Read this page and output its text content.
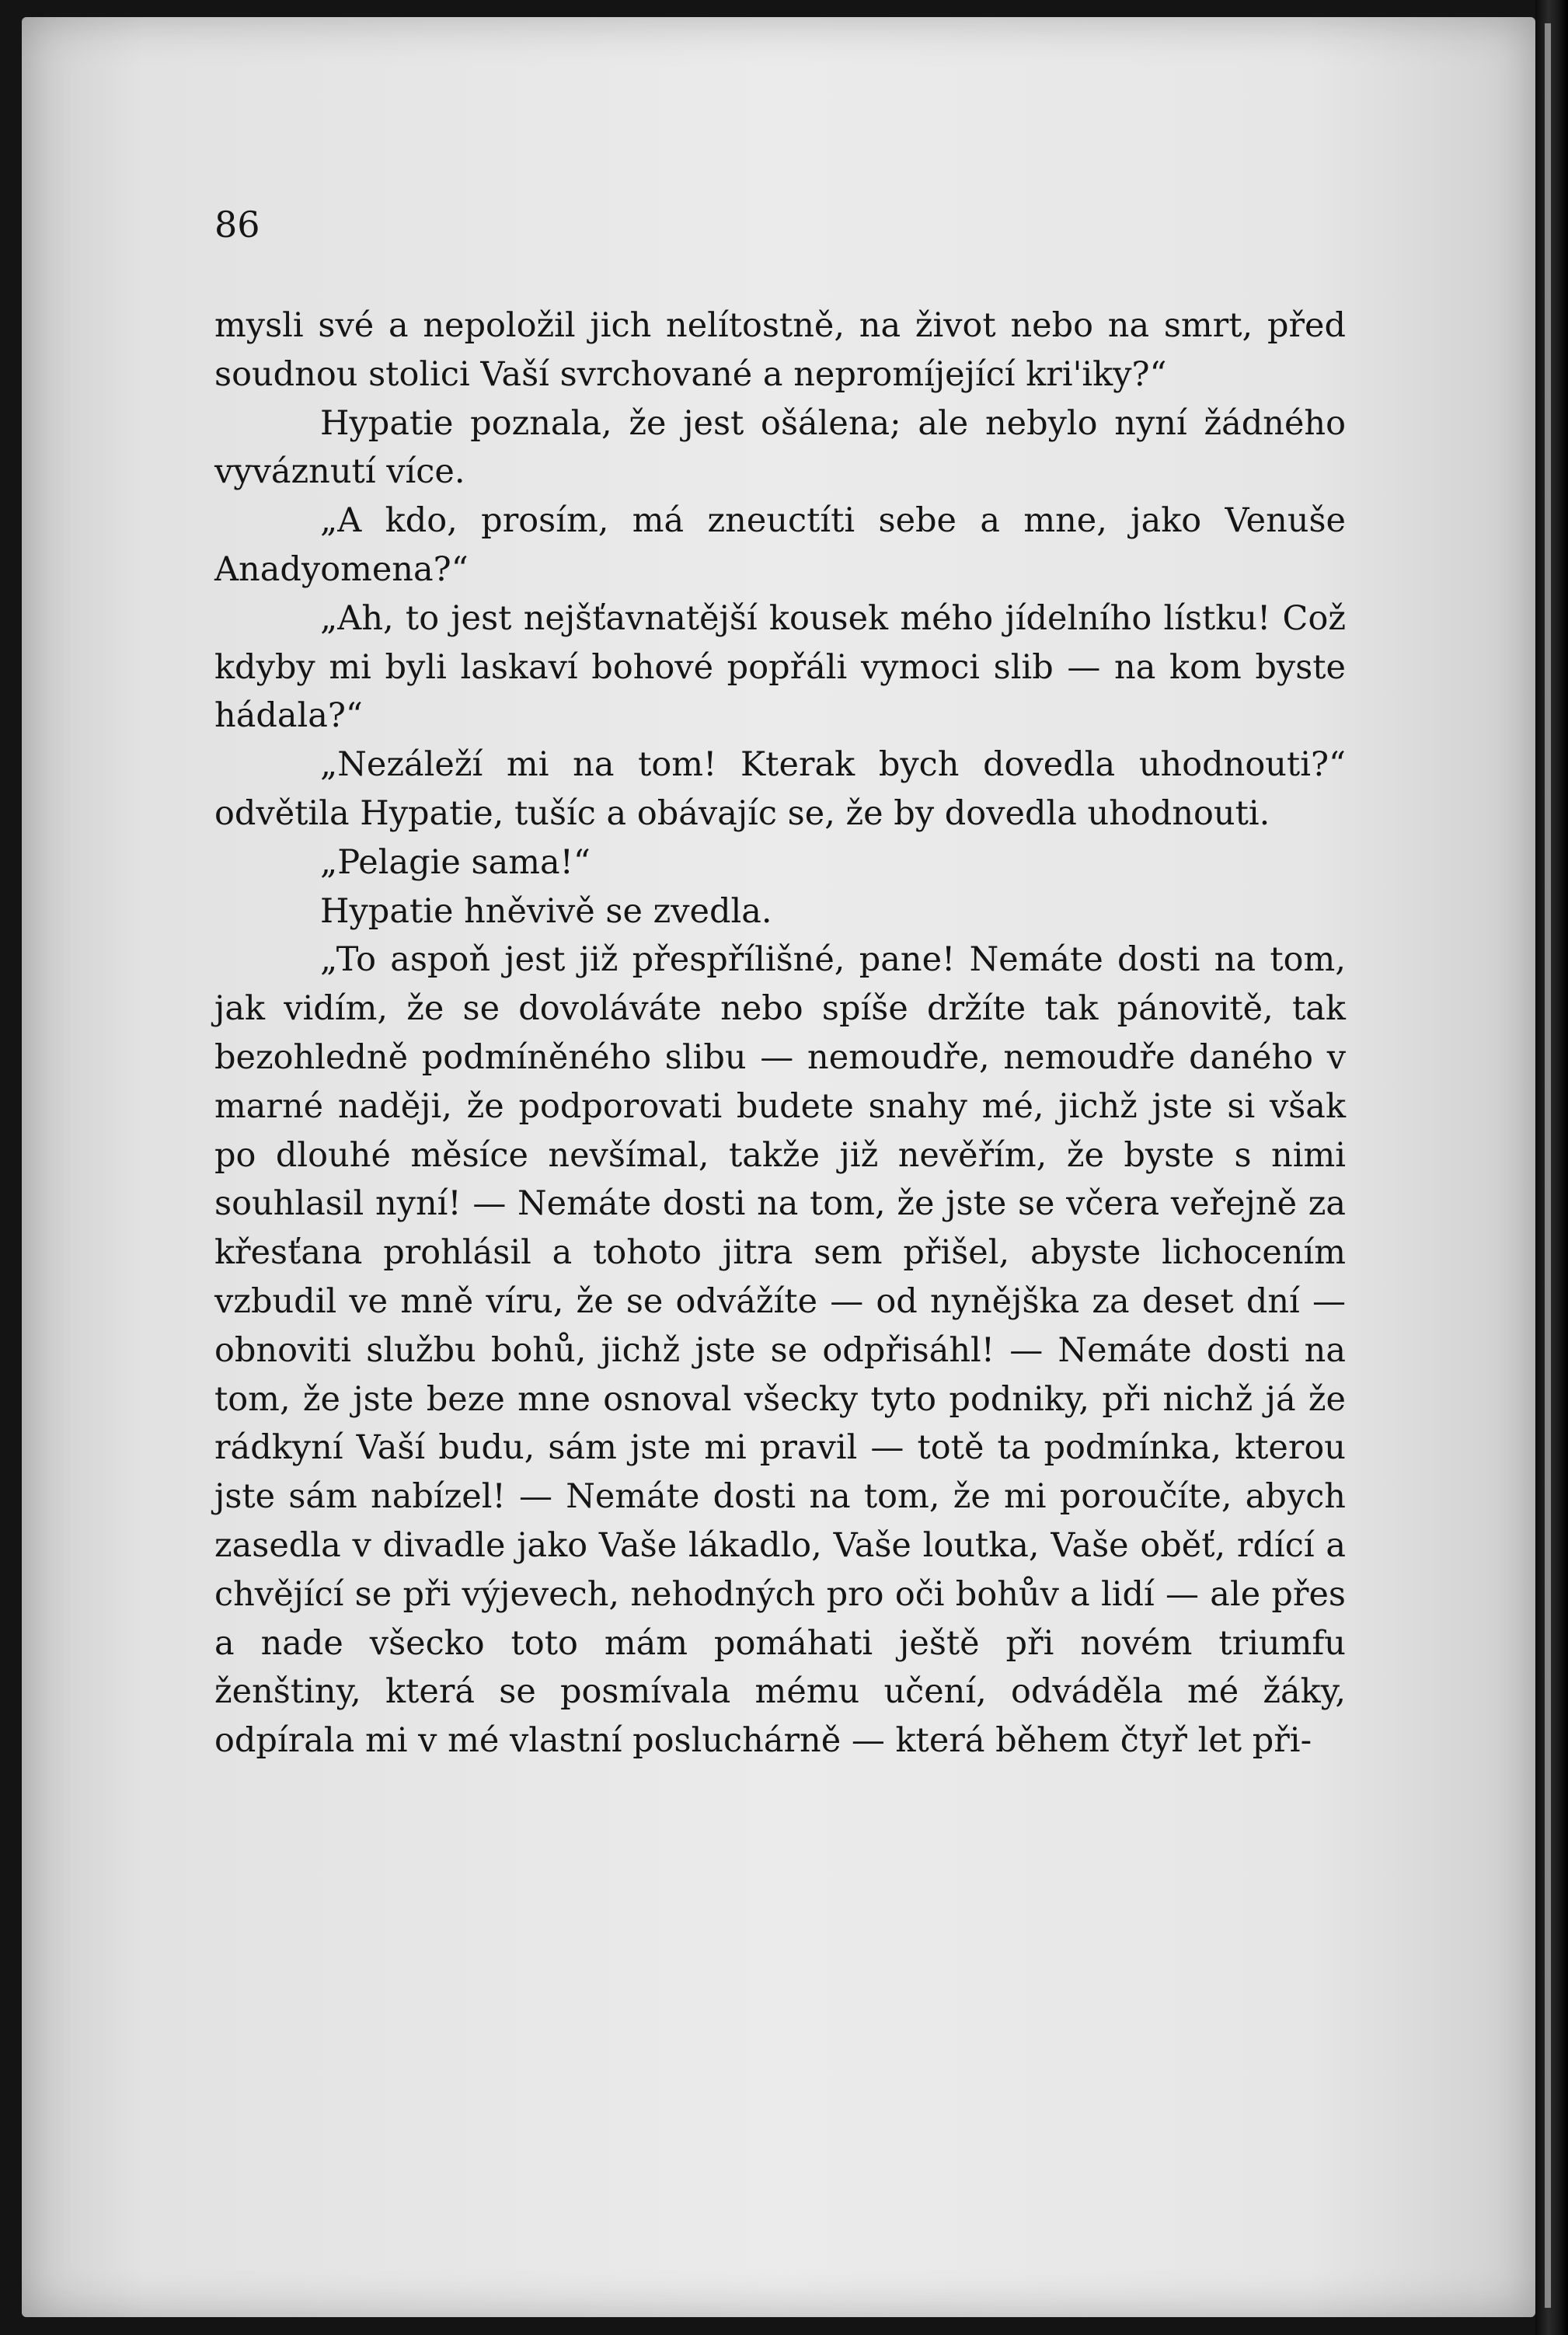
86

mysli své a nepoložil jich nelítostně, na život nebo na smrt, před soudnou stolici Vaší svrchované a nepromíjející kri'iky?“

Hypatie poznala, že jest ošálena; ale nebylo nyní žádného vyváznutí více.

„A kdo, prosím, má zneuctíti sebe a mne, jako Venuše Anadyomena?“

„Ah, to jest nejšťavnatější kousek mého jídelního lístku! Což kdyby mi byli laskaví bohové popřáli vymoci slib — na kom byste hádala?“

„Nezáleží mi na tom! Kterak bych dovedla uhodnouti?“ odvětila Hypatie, tušíc a obávajíc se, že by dovedla uhodnouti.

„Pelagie sama!“

Hypatie hněvivě se zvedla.

„To aspoň jest již přespřílišné, pane! Nemáte dosti na tom, jak vidím, že se dovoláváte nebo spíše držíte tak pánovitě, tak bezohledně podmíněného slibu — nemoudře, nemoudře daného v marné naději, že podporovati budete snahy mé, jichž jste si však po dlouhé měsíce nevšímal, takže již nevěřím, že byste s nimi souhlasil nyní! — Nemáte dosti na tom, že jste se včera veřejně za křesťana prohlásil a tohoto jitra sem přišel, abyste lichocením vzbudil ve mně víru, že se odvážíte — od nynějška za deset dní — obnoviti službu bohů, jichž jste se odpřisáhl! — Nemáte dosti na tom, že jste beze mne osnoval všecky tyto podniky, při nichž já že rádkyní Vaší budu, sám jste mi pravil — totě ta podmínka, kterou jste sám nabízel! — Nemáte dosti na tom, že mi poroučíte, abych zasedla v divadle jako Vaše lákadlo, Vaše loutka, Vaše oběť, rdící a chvějící se při výjevech, nehodných pro oči bohův a lidí — ale přes a nade všecko toto mám pomáhati ještě při novém triumfu ženštiny, která se posmívala mému učení, odváděla mé žáky, odpírala mi v mé vlastní posluchárně — která během čtyř let při-
